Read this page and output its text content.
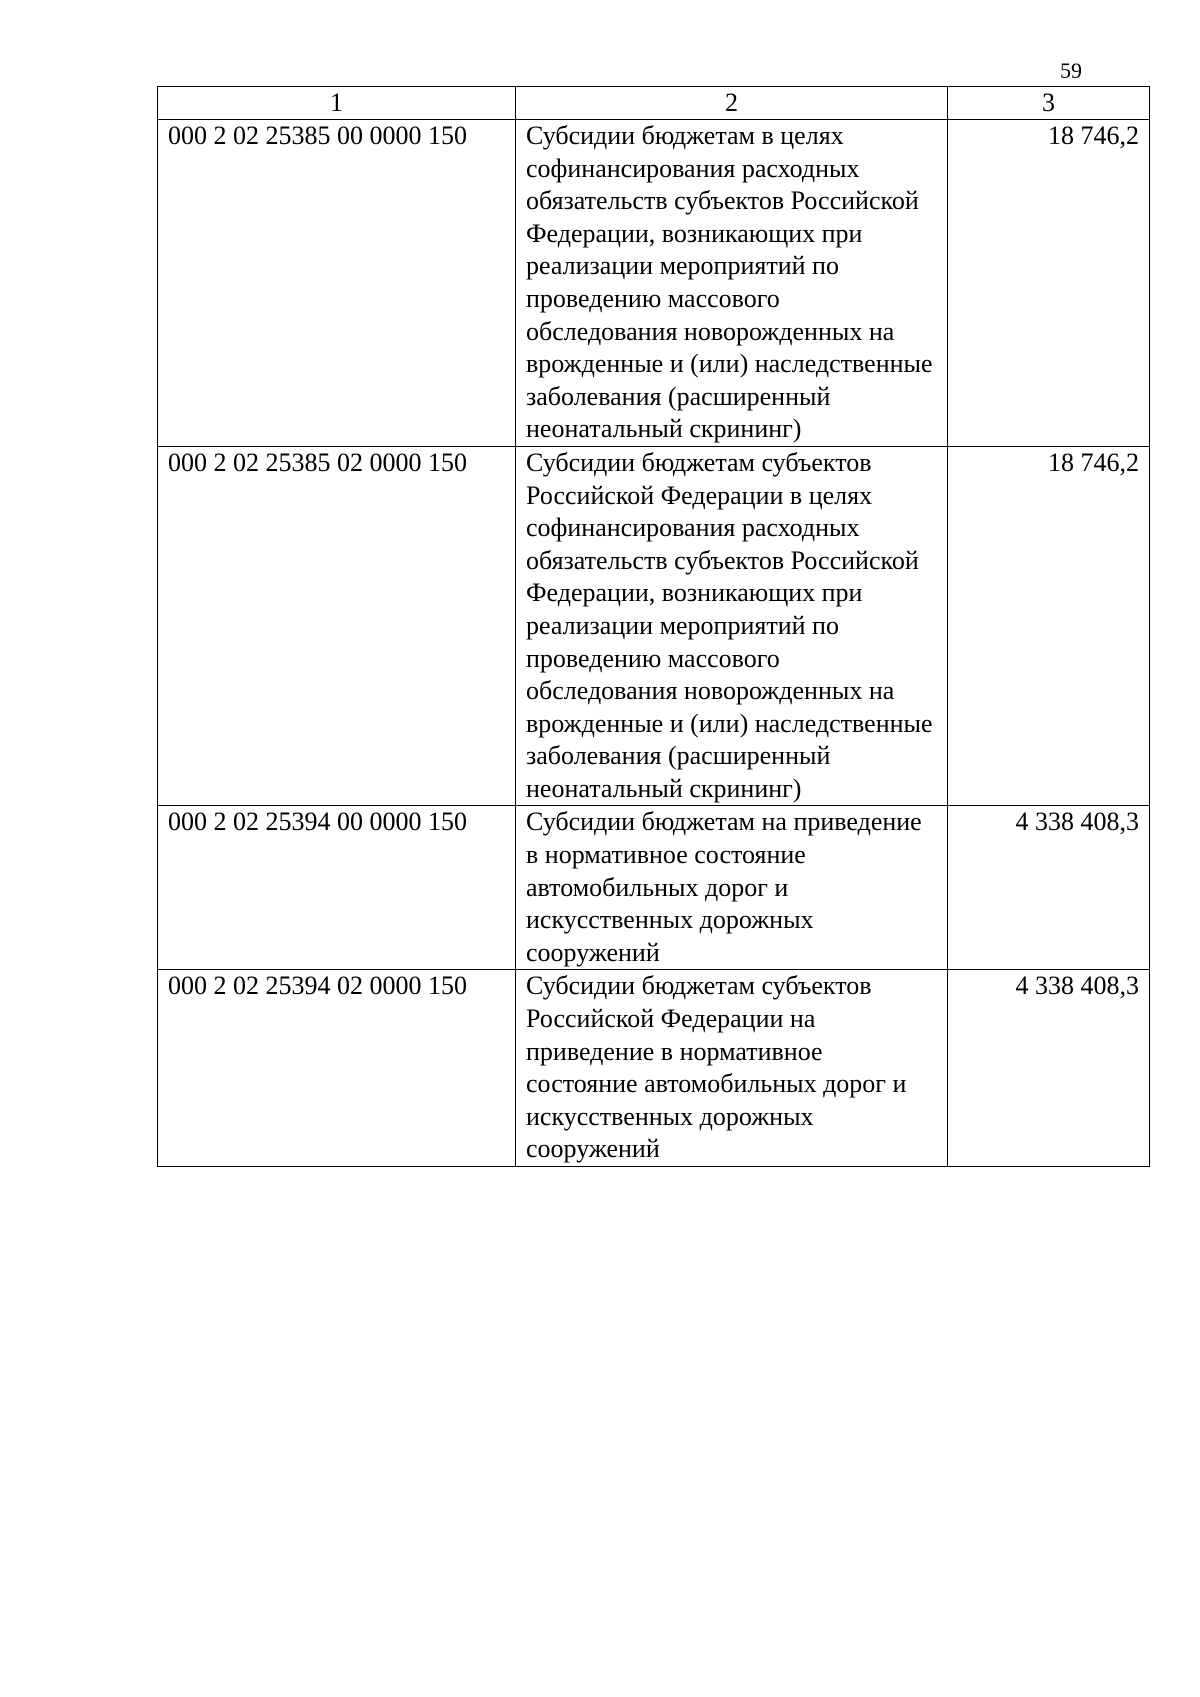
59
1	2	3
000 2 02 25385 00 0000 150	Субсидии бюджетам в целях софинансирования расходных обязательств субъектов Российской Федерации, возникающих при реализации мероприятий по проведению массового обследования новорожденных на врожденные и (или) наследственные заболевания (расширенный неонатальный скрининг)	18 746,2
000 2 02 25385 02 0000 150	Субсидии бюджетам субъектов Российской Федерации в целях софинансирования расходных обязательств субъектов Российской Федерации, возникающих при реализации мероприятий по проведению массового обследования новорожденных на врожденные и (или) наследственные заболевания (расширенный неонатальный скрининг)	18 746,2
000 2 02 25394 00 0000 150	Субсидии бюджетам на приведение в нормативное состояние автомобильных дорог и искусственных дорожных сооружений	4 338 408,3
000 2 02 25394 02 0000 150	Субсидии бюджетам субъектов Российской Федерации на приведение в нормативное состояние автомобильных дорог и искусственных дорожных сооружений	4 338 408,3
